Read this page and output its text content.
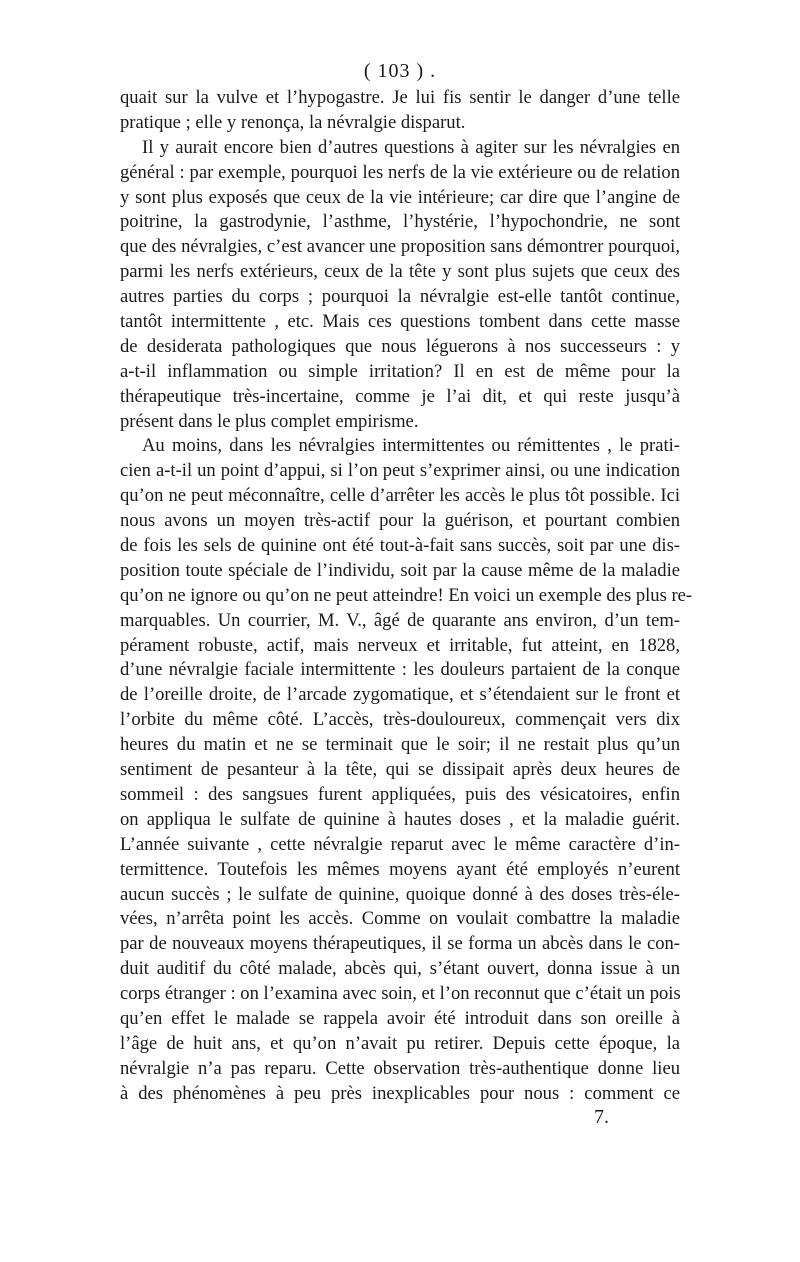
( 103 ) .
quait sur la vulve et l’hypogastre. Je lui fis sentir le danger d’une telle
pratique ; elle y renonça, la névralgie disparut.
Il y aurait encore bien d’autres questions à agiter sur les névralgies en
général : par exemple, pourquoi les nerfs de la vie extérieure ou de relation
y sont plus exposés que ceux de la vie intérieure; car dire que l’angine de
poitrine, la gastrodynie, l’asthme, l’hystérie, l’hypochondrie, ne sont
que des névralgies, c’est avancer une proposition sans démontrer pourquoi,
parmi les nerfs extérieurs, ceux de la tête y sont plus sujets que ceux des
autres parties du corps ; pourquoi la névralgie est-elle tantôt continue,
tantôt intermittente , etc. Mais ces questions tombent dans cette masse
de desiderata pathologiques que nous léguerons à nos successeurs : y
a-t-il inflammation ou simple irritation? Il en est de même pour la
thérapeutique très-incertaine, comme je l’ai dit, et qui reste jusqu’à
présent dans le plus complet empirisme.
Au moins, dans les névralgies intermittentes ou rémittentes , le prati-
cien a-t-il un point d’appui, si l’on peut s’exprimer ainsi, ou une indication
qu’on ne peut méconnaître, celle d’arrêter les accès le plus tôt possible. Ici
nous avons un moyen très-actif pour la guérison, et pourtant combien
de fois les sels de quinine ont été tout-à-fait sans succès, soit par une dis-
position toute spéciale de l’individu, soit par la cause même de la maladie
qu’on ne ignore ou qu’on ne peut atteindre! En voici un exemple des plus re-
marquables. Un courrier, M. V., âgé de quarante ans environ, d’un tem-
pérament robuste, actif, mais nerveux et irritable, fut atteint, en 1828,
d’une névralgie faciale intermittente : les douleurs partaient de la conque
de l’oreille droite, de l’arcade zygomatique, et s’étendaient sur le front et
l’orbite du même côté. L’accès, très-douloureux, commençait vers dix
heures du matin et ne se terminait que le soir; il ne restait plus qu’un
sentiment de pesanteur à la tête, qui se dissipait après deux heures de
sommeil : des sangsues furent appliquées, puis des vésicatoires, enfin
on appliqua le sulfate de quinine à hautes doses , et la maladie guérit.
L’année suivante , cette névralgie reparut avec le même caractère d’in-
termittence. Toutefois les mêmes moyens ayant été employés n’eurent
aucun succès ; le sulfate de quinine, quoique donné à des doses très-éle-
vées, n’arrêta point les accès. Comme on voulait combattre la maladie
par de nouveaux moyens thérapeutiques, il se forma un abcès dans le con-
duit auditif du côté malade, abcès qui, s’étant ouvert, donna issue à un
corps étranger : on l’examina avec soin, et l’on reconnut que c’était un pois
qu’en effet le malade se rappela avoir été introduit dans son oreille à
l’âge de huit ans, et qu’on n’avait pu retirer. Depuis cette époque, la
névralgie n’a pas reparu. Cette observation très-authentique donne lieu
à des phénomènes à peu près inexplicables pour nous : comment ce
7.
